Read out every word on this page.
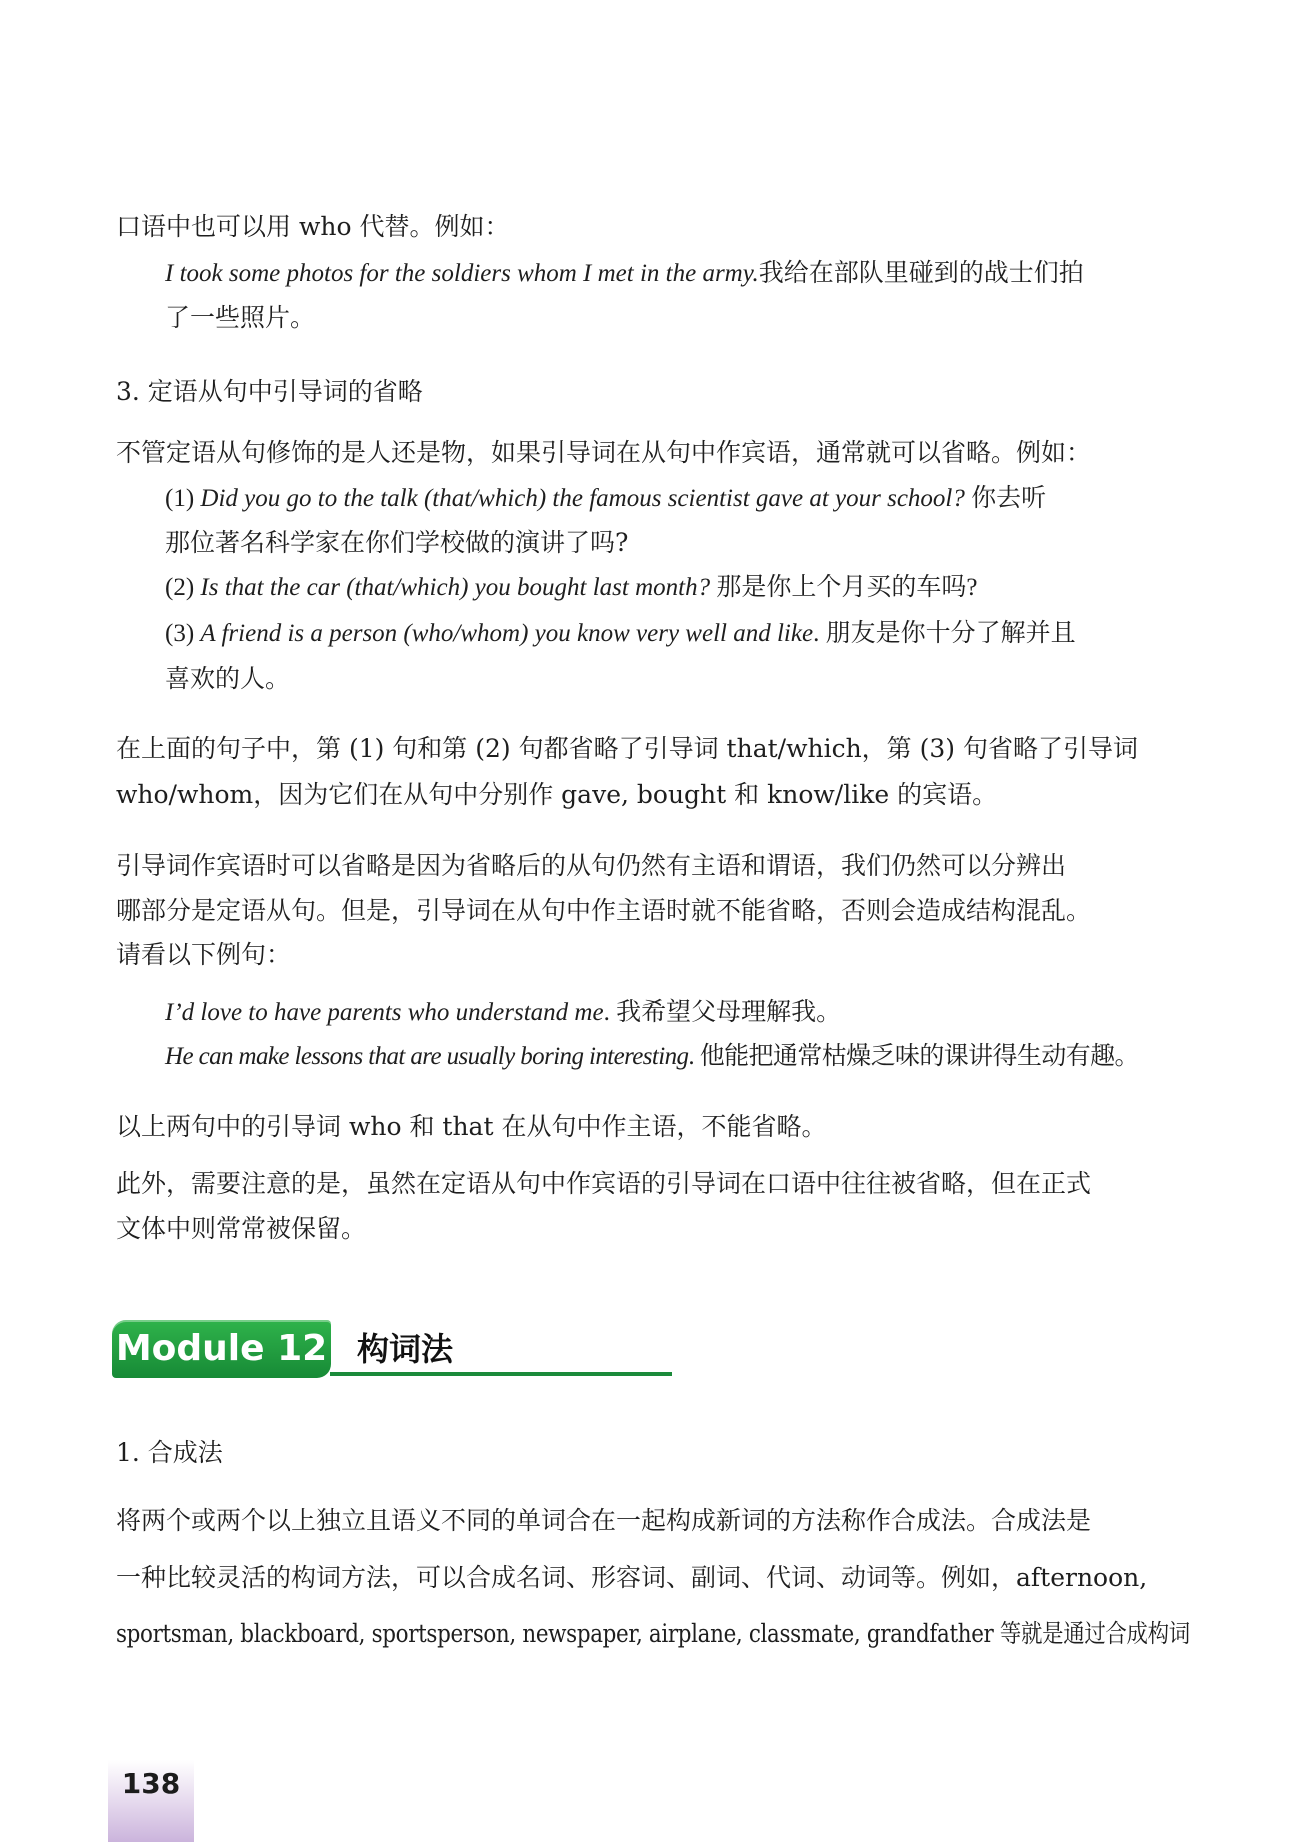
口语中也可以用 who 代替。例如：
I took some photos for the soldiers whom I met in the army.我给在部队里碰到的战士们拍
了一些照片。
3. 定语从句中引导词的省略
不管定语从句修饰的是人还是物，如果引导词在从句中作宾语，通常就可以省略。例如：
(1) Did you go to the talk (that/which) the famous scientist gave at your school? 你去听
那位著名科学家在你们学校做的演讲了吗?
(2) Is that the car (that/which) you bought last month? 那是你上个月买的车吗?
(3) A friend is a person (who/whom) you know very well and like. 朋友是你十分了解并且
喜欢的人。
在上面的句子中，第 (1) 句和第 (2) 句都省略了引导词 that/which，第 (3) 句省略了引导词
who/whom，因为它们在从句中分别作 gave, bought 和 know/like 的宾语。
引导词作宾语时可以省略是因为省略后的从句仍然有主语和谓语，我们仍然可以分辨出
哪部分是定语从句。但是，引导词在从句中作主语时就不能省略，否则会造成结构混乱。
请看以下例句：
I’d love to have parents who understand me. 我希望父母理解我。
He can make lessons that are usually boring interesting. 他能把通常枯燥乏味的课讲得生动有趣。
以上两句中的引导词 who 和 that 在从句中作主语，不能省略。
此外，需要注意的是，虽然在定语从句中作宾语的引导词在口语中往往被省略，但在正式
文体中则常常被保留。
Module 12 构词法
1. 合成法
将两个或两个以上独立且语义不同的单词合在一起构成新词的方法称作合成法。合成法是
一种比较灵活的构词方法，可以合成名词、形容词、副词、代词、动词等。例如，afternoon,
sportsman, blackboard, sportsperson, newspaper, airplane, classmate, grandfather 等就是通过合成构词
138
